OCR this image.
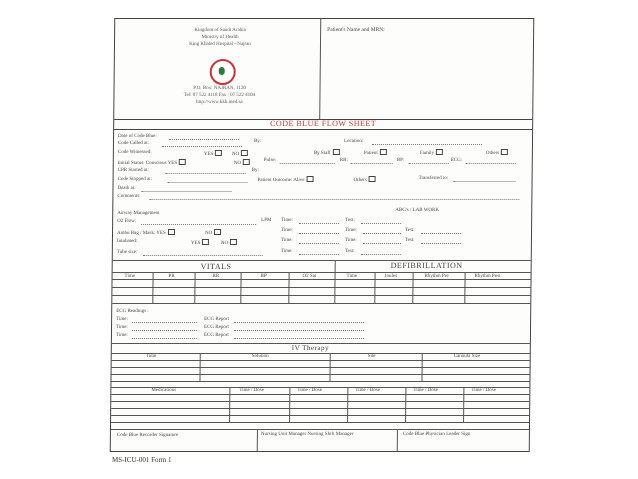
Kingdom of Saudi Arabia
Ministry of Health
King Khaled Hospital - Najran
P.O. Box: NAJRAN, 1120
Tel: 07 522 4118 Fax : 07 522 4104
http://www.kkh.med.sa
Patient's Name and MRN:
CODE BLUE FLOW SHEET
Date of Code Blue:
Code Called at:	By:	Location:
Code Witnessed:	YES	NO	By Staff	Patient	Family	Others
Initial Status: Conscious YES	NO
Pulse:	RR:	BP:	ECG:
CPR Started at:	By:
Code Stopped at:	Patient Outcome: Alive	Others	Transferred to:
Death at:
Comments:
Airway Management
ABG's / LAB WORK
O2 Flow:	LPM Time:	Test:
Ambu Bag / Mask: YES	NO
Time:	Time:	Test:
Intubated:	YES	NO
Time:	Time:	Test:
Tube size:	Time:	Test:
VITALS	DEFIBRILLATION
Time	PR	RR	BP	O2 Sat	Time	Joules	Rhythm Pre	Rhythm Post
ECG Readings :
Time:	ECG Report
Time:	ECG Report
Time:	ECG Report
IV Therapy
Time	Solution	Site	Cannula Size
Medications	Time / Dose	Time / Dose	Time / Dose	Time / Dose	Time / Dose
Code Blue Recorder Signature	Nursing Unit Manager Nursing Shift Manager	Code Blue Physician Leader Sign
MS-ICU-001 Form 1
